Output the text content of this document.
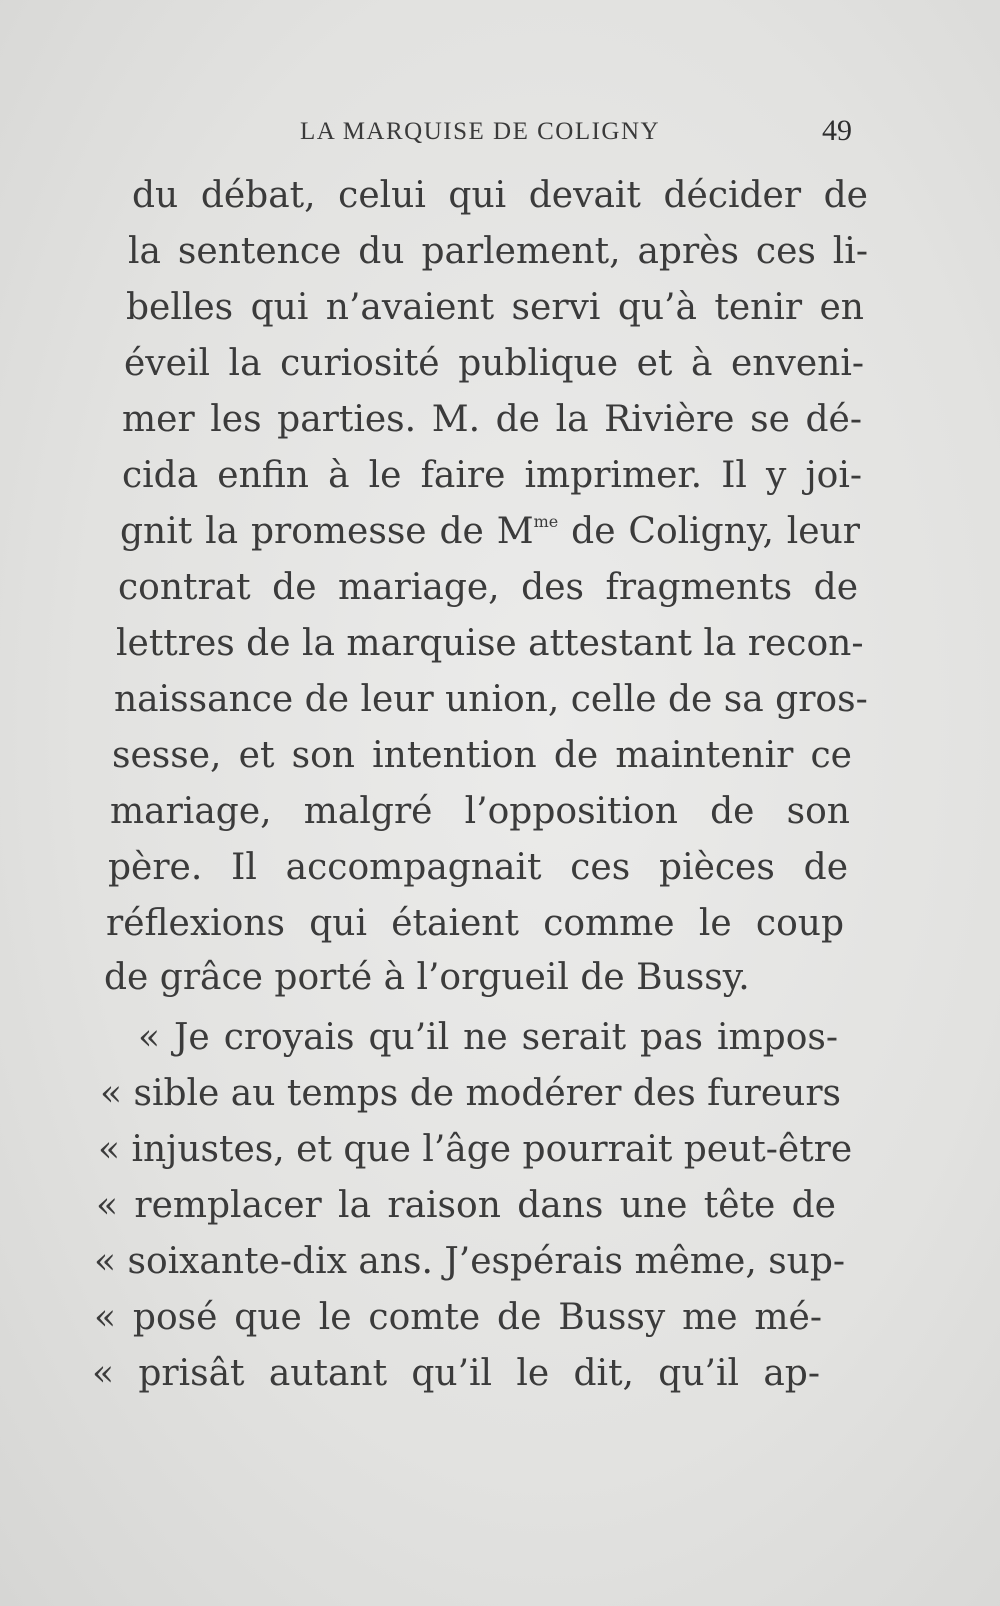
LA MARQUISE DE COLIGNY	49
du débat, celui qui devait décider de
la sentence du parlement, après ces li-
belles qui n’avaient servi qu’à tenir en
éveil la curiosité publique et à enveni-
mer les parties. M. de la Rivière se dé-
cida enfin à le faire imprimer. Il y joi-
gnit la promesse de $M^{me}$ de Coligny, leur
contrat de mariage, des fragments de
lettres de la marquise attestant la recon-
naissance de leur union, celle de sa gros-
sesse, et son intention de maintenir ce
mariage, malgré l’opposition de son
père. Il accompagnait ces pièces de
réflexions qui étaient comme le coup
de grâce porté à l’orgueil de Bussy.
« Je croyais qu’il ne serait pas impos-
« sible au temps de modérer des fureurs
« injustes, et que l’âge pourrait peut-être
« remplacer la raison dans une tête de
« soixante-dix ans. J’espérais même, sup-
« posé que le comte de Bussy me mé-
« prisât autant qu’il le dit, qu’il ap-
